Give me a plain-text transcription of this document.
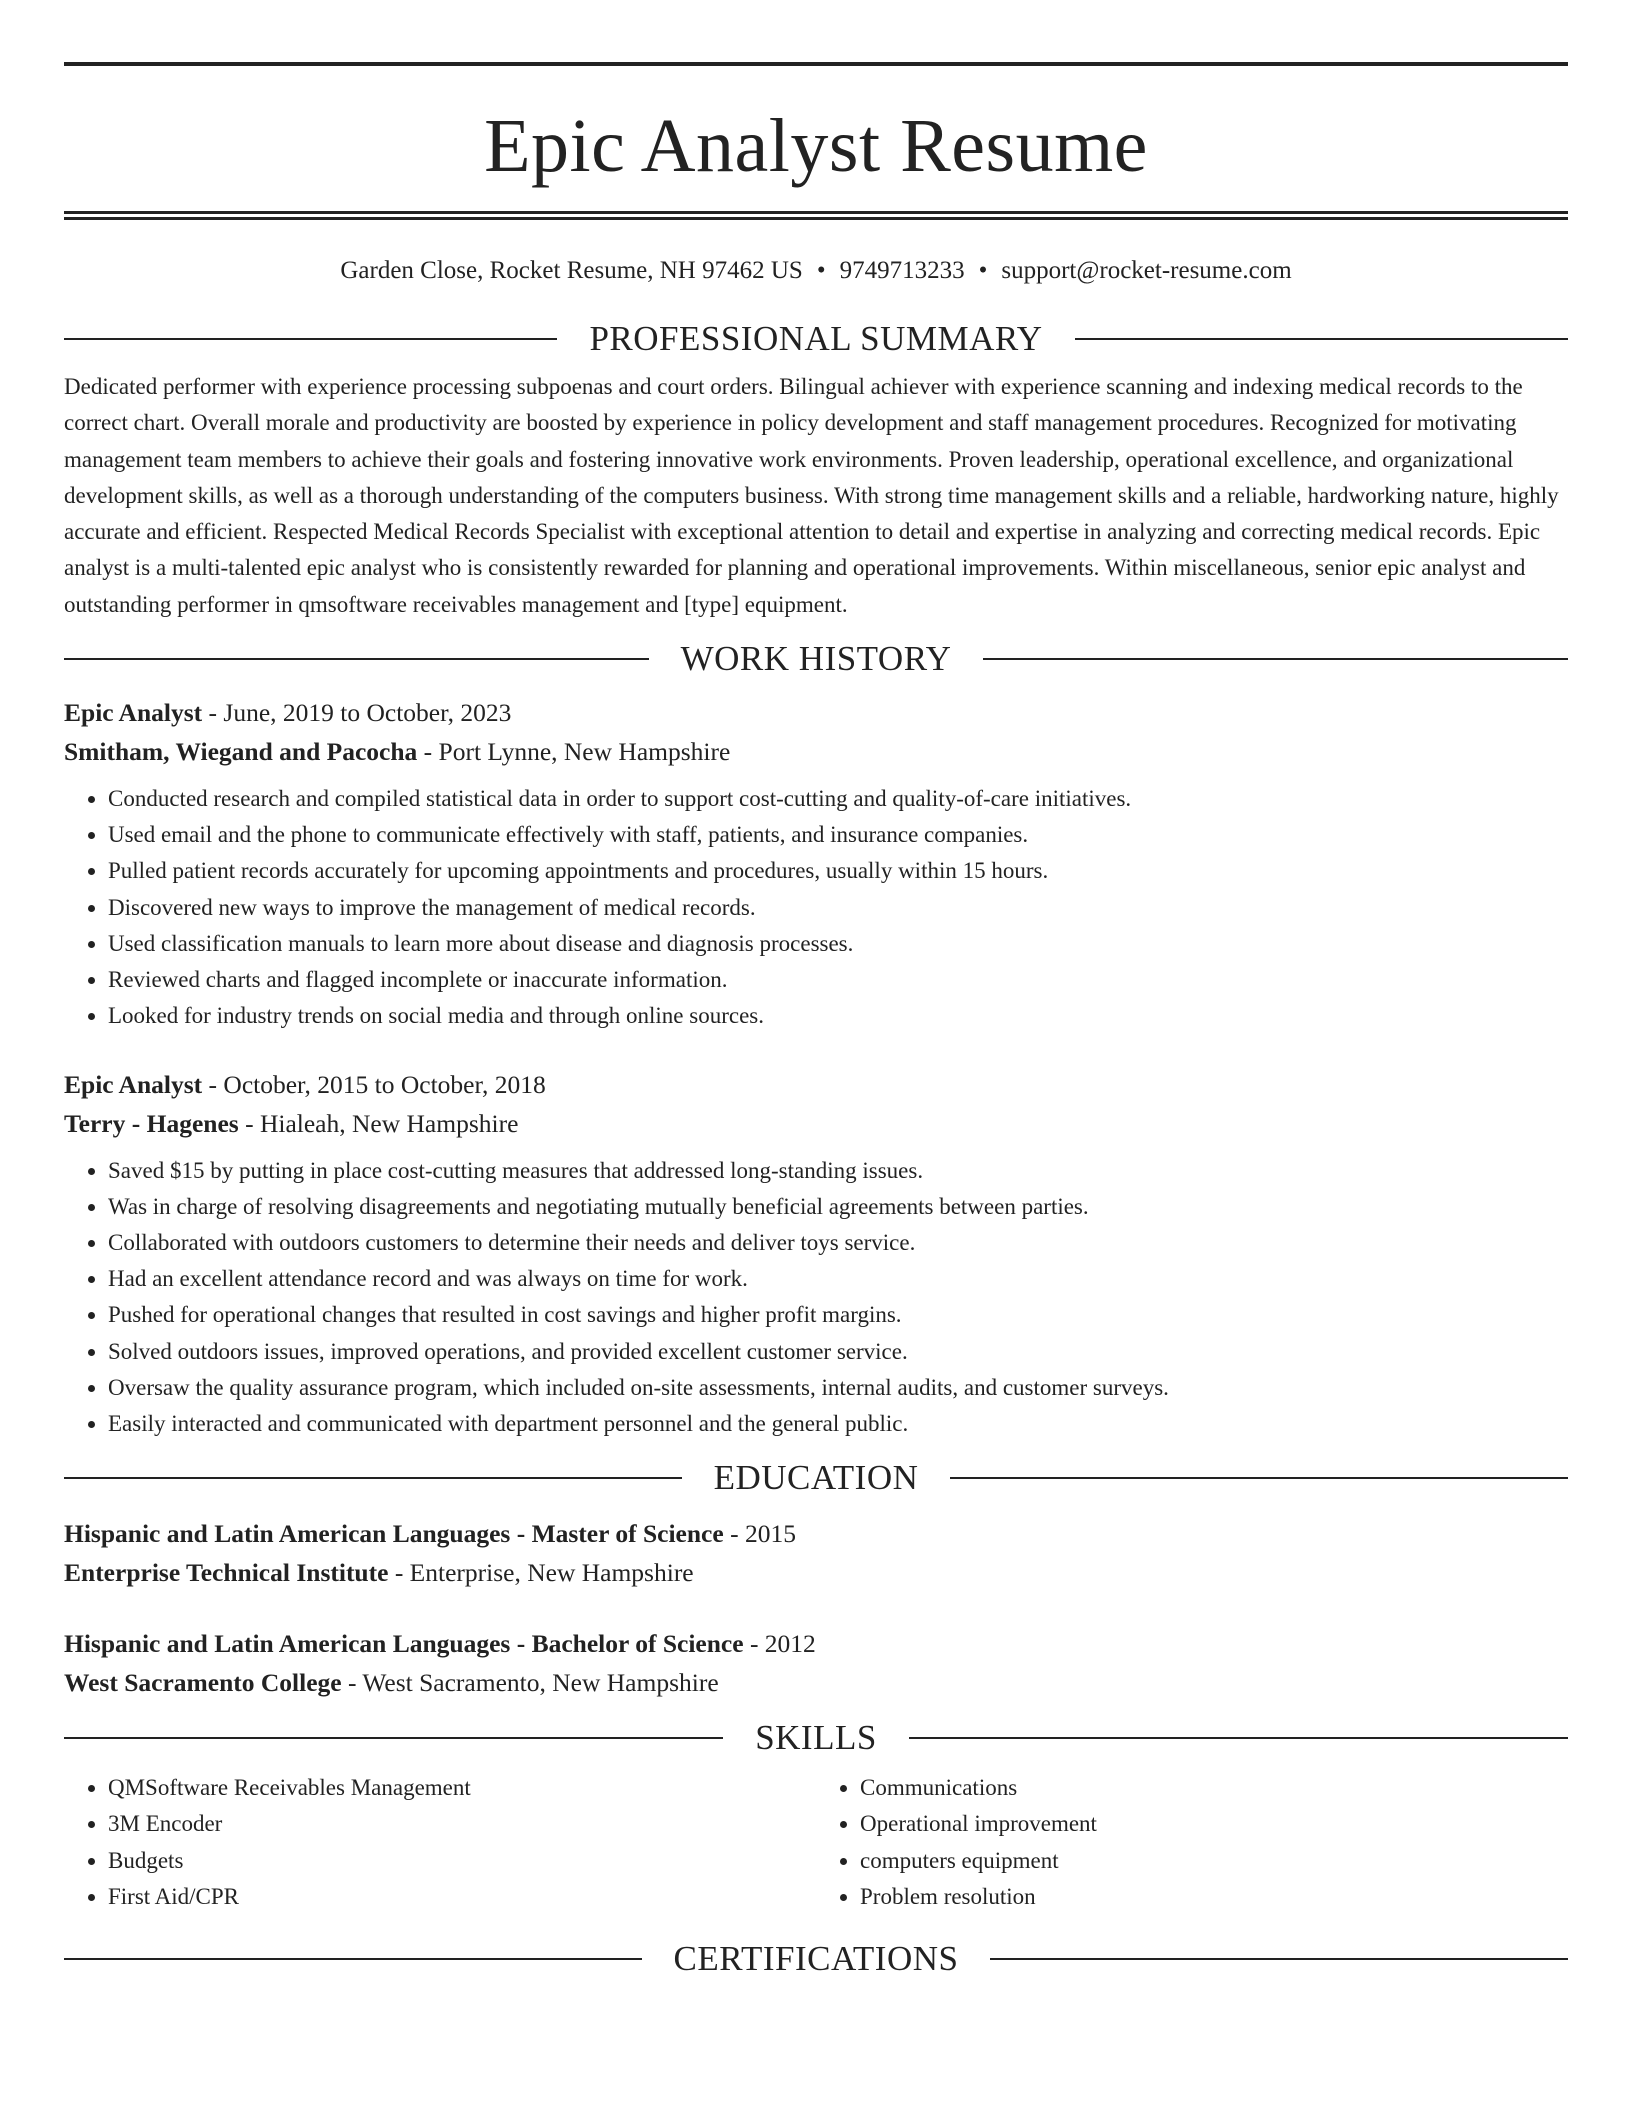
Epic Analyst Resume
Garden Close, Rocket Resume, NH 97462 US • 9749713233 • support@rocket-resume.com
PROFESSIONAL SUMMARY
Dedicated performer with experience processing subpoenas and court orders. Bilingual achiever with experience scanning and indexing medical records to the correct chart. Overall morale and productivity are boosted by experience in policy development and staff management procedures. Recognized for motivating management team members to achieve their goals and fostering innovative work environments. Proven leadership, operational excellence, and organizational development skills, as well as a thorough understanding of the computers business. With strong time management skills and a reliable, hardworking nature, highly accurate and efficient. Respected Medical Records Specialist with exceptional attention to detail and expertise in analyzing and correcting medical records. Epic analyst is a multi-talented epic analyst who is consistently rewarded for planning and operational improvements. Within miscellaneous, senior epic analyst and outstanding performer in qmsoftware receivables management and [type] equipment.
WORK HISTORY
Epic Analyst - June, 2019 to October, 2023
Smitham, Wiegand and Pacocha - Port Lynne, New Hampshire
• Conducted research and compiled statistical data in order to support cost-cutting and quality-of-care initiatives.
• Used email and the phone to communicate effectively with staff, patients, and insurance companies.
• Pulled patient records accurately for upcoming appointments and procedures, usually within 15 hours.
• Discovered new ways to improve the management of medical records.
• Used classification manuals to learn more about disease and diagnosis processes.
• Reviewed charts and flagged incomplete or inaccurate information.
• Looked for industry trends on social media and through online sources.
Epic Analyst - October, 2015 to October, 2018
Terry - Hagenes - Hialeah, New Hampshire
• Saved $15 by putting in place cost-cutting measures that addressed long-standing issues.
• Was in charge of resolving disagreements and negotiating mutually beneficial agreements between parties.
• Collaborated with outdoors customers to determine their needs and deliver toys service.
• Had an excellent attendance record and was always on time for work.
• Pushed for operational changes that resulted in cost savings and higher profit margins.
• Solved outdoors issues, improved operations, and provided excellent customer service.
• Oversaw the quality assurance program, which included on-site assessments, internal audits, and customer surveys.
• Easily interacted and communicated with department personnel and the general public.
EDUCATION
Hispanic and Latin American Languages - Master of Science - 2015
Enterprise Technical Institute - Enterprise, New Hampshire
Hispanic and Latin American Languages - Bachelor of Science - 2012
West Sacramento College - West Sacramento, New Hampshire
SKILLS
• QMSoftware Receivables Management
• 3M Encoder
• Budgets
• First Aid/CPR
• Communications
• Operational improvement
• computers equipment
• Problem resolution
CERTIFICATIONS
